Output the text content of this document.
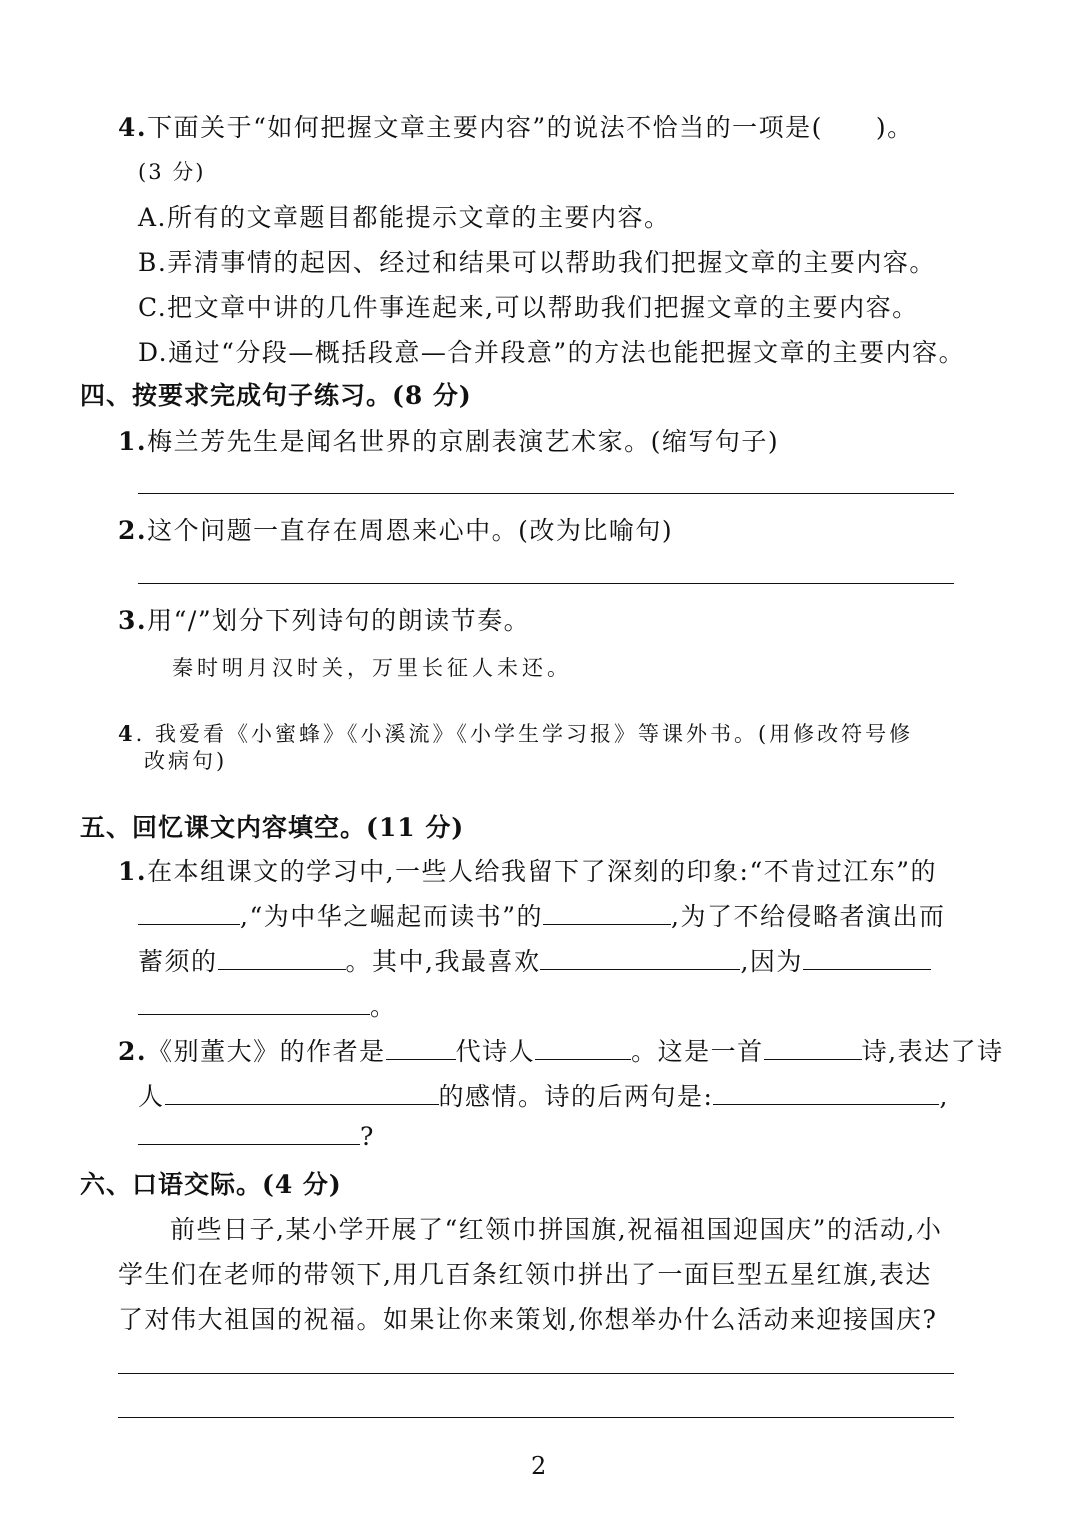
4.下面关于“如何把握文章主要内容”的说法不恰当的一项是(　　)。
(3 分)
A.所有的文章题目都能提示文章的主要内容。
B.弄清事情的起因、经过和结果可以帮助我们把握文章的主要内容。
C.把文章中讲的几件事连起来,可以帮助我们把握文章的主要内容。
D.通过“分段—概括段意—合并段意”的方法也能把握文章的主要内容。
四、按要求完成句子练习。(8 分)
1.梅兰芳先生是闻名世界的京剧表演艺术家。(缩写句子)
2.这个问题一直存在周恩来心中。(改为比喻句)
3.用“/”划分下列诗句的朗读节奏。
秦时明月汉时关，万里长征人未还。
4. 我爱看《小蜜蜂》《小溪流》《小学生学习报》等课外书。(用修改符号修
改病句)
五、回忆课文内容填空。(11 分)
1.在本组课文的学习中,一些人给我留下了深刻的印象:“不肯过江东”的
,“为中华之崛起而读书”的	,为了不给侵略者演出而
蓄须的	。其中,我最喜欢	,因为
。
2.《别董大》的作者是	代诗人	。这是一首	诗,表达了诗
人	的感情。诗的后两句是:	,
?
六、口语交际。(4 分)
前些日子,某小学开展了“红领巾拼国旗,祝福祖国迎国庆”的活动,小
学生们在老师的带领下,用几百条红领巾拼出了一面巨型五星红旗,表达
了对伟大祖国的祝福。如果让你来策划,你想举办什么活动来迎接国庆?
2
